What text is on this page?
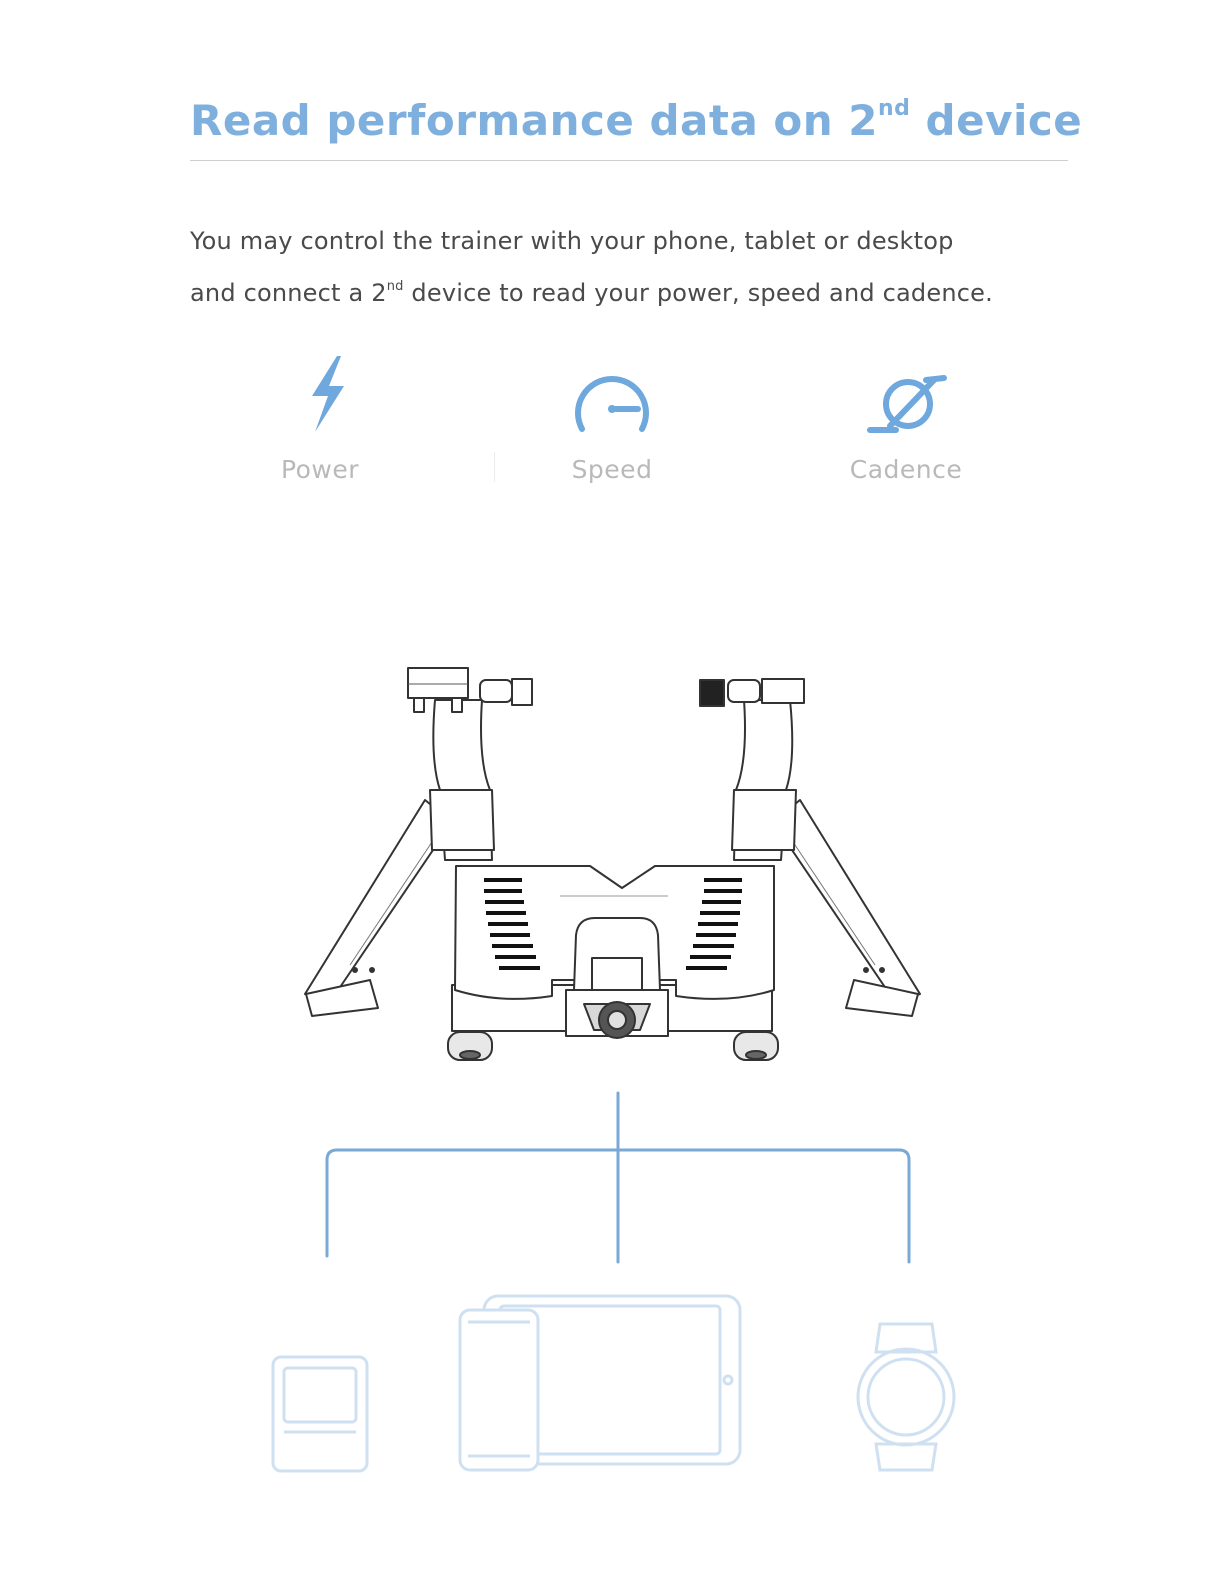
Read performance data on 2nd device

You may control the trainer with your phone, tablet or desktop
and connect a 2nd device to read your power, speed and cadence.

Power	Speed	Cadence
